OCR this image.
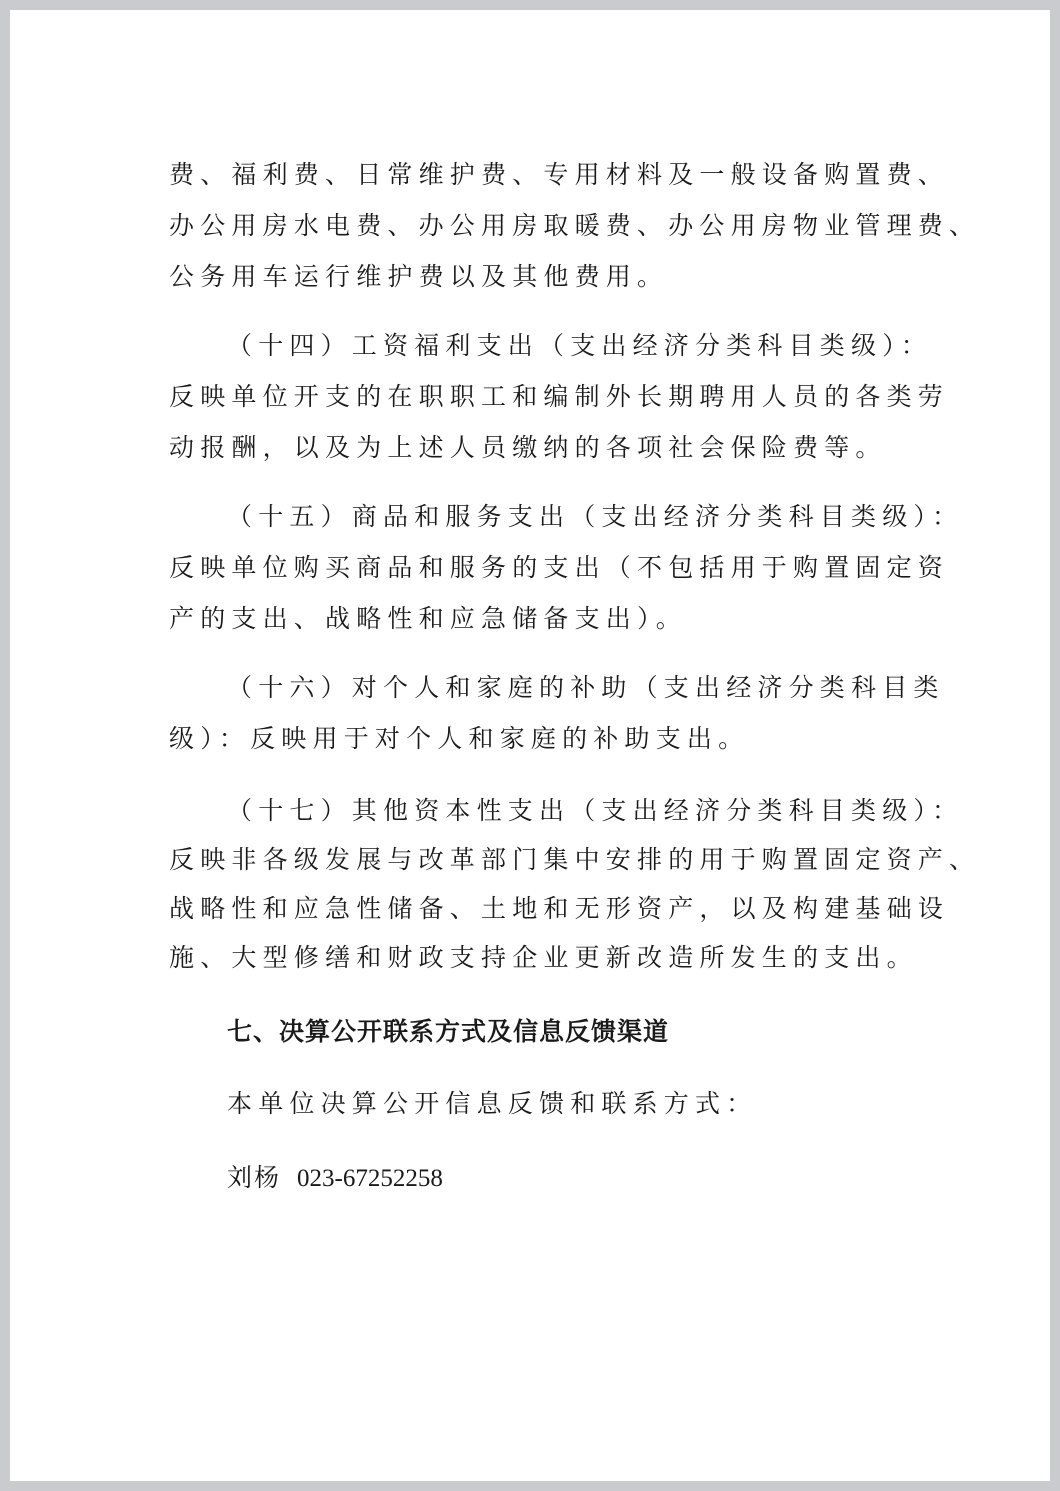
费、福利费、日常维护费、专用材料及一般设备购置费、
办公用房水电费、办公用房取暖费、办公用房物业管理费、
公务用车运行维护费以及其他费用。
（十四）工资福利支出（支出经济分类科目类级）：
反映单位开支的在职职工和编制外长期聘用人员的各类劳
动报酬，以及为上述人员缴纳的各项社会保险费等。
（十五）商品和服务支出（支出经济分类科目类级）：
反映单位购买商品和服务的支出（不包括用于购置固定资
产的支出、战略性和应急储备支出）。
（十六）对个人和家庭的补助（支出经济分类科目类
级）：反映用于对个人和家庭的补助支出。
（十七）其他资本性支出（支出经济分类科目类级）：
反映非各级发展与改革部门集中安排的用于购置固定资产、
战略性和应急性储备、土地和无形资产，以及构建基础设
施、大型修缮和财政支持企业更新改造所发生的支出。
七、决算公开联系方式及信息反馈渠道
本单位决算公开信息反馈和联系方式：
刘杨 023-67252258
